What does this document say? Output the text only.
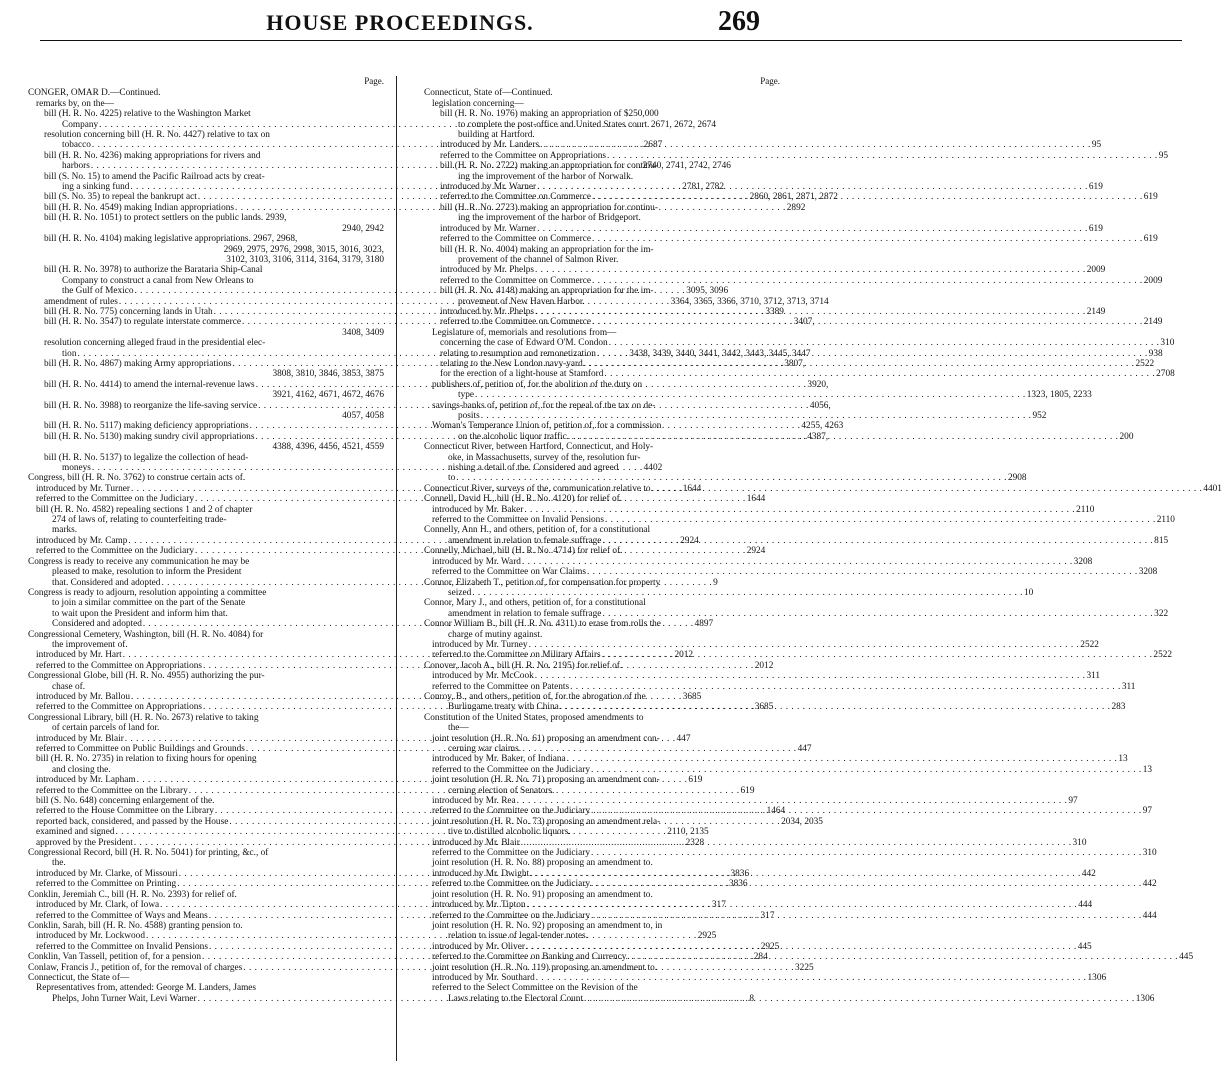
HOUSE PROCEEDINGS.	269
Page.
CONGER, OMAR D.—Continued.
remarks by, on the—
bill (H. R. No. 4225) relative to the Washington Market
Company . . .	2671, 2672, 2674
resolution concerning bill (H. R. No. 4427) relative to tax on
tobacco . . .	2687
bill (H. R. No. 4236) making appropriations for rivers and
harbors . . .	2740, 2741, 2742, 2746
bill (S. No. 15) to amend the Pacific Railroad acts by creat-
ing a sinking fund . . .	2781, 2782
bill (S. No. 35) to repeal the bankrupt act . . .	2860, 2861, 2871, 2872
bill (H. R. No. 4549) making Indian appropriations . . .	2892
bill (H. R. No. 1051) to protect settlers on the public lands. 2939,
2940, 2942
bill (H. R. No. 4104) making legislative appropriations. 2967, 2968,
2969, 2975, 2976, 2998, 3015, 3016, 3023,
3102, 3103, 3106, 3114, 3164, 3179, 3180
bill (H. R. No. 3978) to authorize the Barataria Ship-Canal
Company to construct a canal from New Orleans to
the Gulf of Mexico . . .	3095, 3096
amendment of rules . . .	3364, 3365, 3366, 3710, 3712, 3713, 3714
bill (H. R. No. 775) concerning lands in Utah . . .	3389
bill (H. R. No. 3547) to regulate interstate commerce . . .	3407,
3408, 3409
resolution concerning alleged fraud in the presidential elec-
tion . . .	3438, 3439, 3440, 3441, 3442, 3443, 3445, 3447
bill (H. R. No. 4867) making Army appropriations . . .	3807,
3808, 3810, 3846, 3853, 3875
bill (H. R. No. 4414) to amend the internal-revenue laws . . .	3920,
3921, 4162, 4671, 4672, 4676
bill (H. R. No. 3988) to reorganize the life-saving service . . .	4056,
4057, 4058
bill (H. R. No. 5117) making deficiency appropriations . . .	4255, 4263
bill (H. R. No. 5130) making sundry civil appropriations . . .	4387,
4388, 4396, 4456, 4521, 4559
bill (H. R. No. 5137) to legalize the collection of head-
moneys . . .	4402
Congress, bill (H. R. No. 3762) to construe certain acts of.
introduced by Mr. Turner . . .	1644
referred to the Committee on the Judiciary . . .	1644
bill (H. R. No. 4582) repealing sections 1 and 2 of chapter
274 of laws of, relating to counterfeiting trade-
marks.
introduced by Mr. Camp . . .	2924
referred to the Committee on the Judiciary . . .	2924
Congress is ready to receive any communication he may be
pleased to make, resolution to inform the President
that. Considered and adopted . . .	9
Congress is ready to adjourn, resolution appointing a committee
to join a similar committee on the part of the Senate
to wait upon the President and inform him that.
Considered and adopted . . .	4897
Congressional Cemetery, Washington, bill (H. R. No. 4084) for
the improvement of.
introduced by Mr. Hart . . .	2012
referred to the Committee on Appropriations . . .	2012
Congressional Globe, bill (H. R. No. 4955) authorizing the pur-
chase of.
introduced by Mr. Ballou . . .	3685
referred to the Committee on Appropriations . . .	3685
Congressional Library, bill (H. R. No. 2673) relative to taking
of certain parcels of land for.
introduced by Mr. Blair . . .	447
referred to Committee on Public Buildings and Grounds . . .	447
bill (H. R. No. 2735) in relation to fixing hours for opening
and closing the.
introduced by Mr. Lapham . . .	619
referred to the Committee on the Library . . .	619
bill (S. No. 648) concerning enlargement of the.
referred to the House Committee on the Library . . .	1464
reported back, considered, and passed by the House . . .	2034, 2035
examined and signed . . .	2110, 2135
approved by the President . . .	2328
Congressional Record, bill (H. R. No. 5041) for printing, &c., of
the.
introduced by Mr. Clarke, of Missouri . . .	3836
referred to the Committee on Printing . . .	3836
Conklin, Jeremiah C., bill (H. R. No. 2393) for relief of.
introduced by Mr. Clark, of Iowa . . .	317
referred to the Committee of Ways and Means . . .	317
Conklin, Sarah, bill (H. R. No. 4588) granting pension to.
introduced by Mr. Lockwood . . .	2925
referred to the Committee on Invalid Pensions . . .	2925
Conklin, Van Tassell, petition of, for a pension . . .	284
Conlaw, Francis J., petition of, for the removal of charges . . .	3225
Connecticut, the State of—
Representatives from, attended: George M. Landers, James
Phelps, John Turner Wait, Levi Warner . . .	8
Page.
Connecticut, State of—Continued.
legislation concerning—
bill (H. R. No. 1976) making an appropriation of $250,000
to complete the post-office and United States court
building at Hartford.
introduced by Mr. Landers . . .	95
referred to the Committee on Appropriations . . .	95
bill (H. R. No. 2722) making an appropriation for continu-
ing the improvement of the harbor of Norwalk.
introduced by Mr. Warner . . .	619
referred to the Committee on Commerce . . .	619
bill (H. R. No. 2723) making an appropriation for continu-
ing the improvement of the harbor of Bridgeport.
introduced by Mr. Warner . . .	619
referred to the Committee on Commerce . . .	619
bill (H. R. No. 4004) making an appropriation for the im-
provement of the channel of Salmon River.
introduced by Mr. Phelps . . .	2009
referred to the Committee on Commerce . . .	2009
bill (H. R. No. 4148) making an appropriation for the im-
provement of New Haven Harbor.
introduced by Mr. Phelps . . .	2149
referred to the Committee on Commerce . . .	2149
Legislature of, memorials and resolutions from—
concerning the case of Edward O'M. Condon . . .	310
relating to resumption and remonetization . . .	938
relating to the New London navy-yard . . .	2522
for the erection of a light-house at Stamford . . .	2708
publishers of, petition of, for the abolition of the duty on
type . . .	1323, 1805, 2233
savings-banks of, petition of, for the repeal of the tax on de-
posits . . .	952
Woman's Temperance Union of, petition of, for a commission
on the alcoholic liquor traffic . . .	200
Connecticut River, between Hartford, Connecticut, and Holy-
oke, in Massachusetts, survey of the, resolution fur-
nishing a detail of the. Considered and agreed
to . . .	2908
Connecticut River, surveys of the, communication relative to . . .	4401
Connell, David H., bill (H. R. No. 4120) for relief of.
introduced by Mr. Baker . . .	2110
referred to the Committee on Invalid Pensions . . .	2110
Connelly, Ann H., and others, petition of, for a constitutional
amendment in relation to female suffrage . . .	815
Connelly, Michael, bill (H. R. No. 4714) for relief of.
introduced by Mr. Ward . . .	3208
referred to the Committee on War Claims . . .	3208
Connor, Elizabeth T., petition of, for compensation for property
seized . . .	10
Connor, Mary J., and others, petition of, for a constitutional
amendment in relation to female suffrage . . .	322
Connor William B., bill (H. R. No. 4311) to erase from rolls the
charge of mutiny against.
introduced by Mr. Turney . . .	2522
referred to the Committee on Military Affairs . . .	2522
Conover, Jacob A., bill (H. R. No. 2195) for relief of.
introduced by Mr. McCook . . .	311
referred to the Committee on Patents . . .	311
Conroy, B., and others, petition of, for the abrogation of the
Burlingame treaty with China . . .	283
Constitution of the United States, proposed amendments to
the—
joint resolution (H. R. No. 61) proposing an amendment con-
cerning war claims.
introduced by Mr. Baker, of Indiana . . .	13
referred to the Committee on the Judiciary . . .	13
joint resolution (H. R. No. 71) proposing an amendment con-
cerning election of Senators.
introduced by Mr. Rea . . .	97
referred to the Committee on the Judiciary . . .	97
joint resolution (H. R. No. 73) proposing an amendment rela-
tive to distilled alcoholic liquors.
introduced by Mr. Blair . . .	310
referred to the Committee on the Judiciary . . .	310
joint resolution (H. R. No. 88) proposing an amendment to.
introduced by Mr. Dwight . . .	442
referred to the Committee on the Judiciary . . .	442
joint resolution (H. R. No. 91) proposing an amendment to.
introduced by Mr. Tipton . . .	444
referred to the Committee on the Judiciary . . .	444
joint resolution (H. R. No. 92) proposing an amendment to, in
relation to issue of legal-tender notes.
introduced by Mr. Oliver . . .	445
referred to the Committee on Banking and Currency . . .	445
joint resolution (H. R. No. 119) proposing an amendment to.
introduced by Mr. Southard . . .	1306
referred to the Select Committee on the Revision of the
Laws relating to the Electoral Count . . .	1306
